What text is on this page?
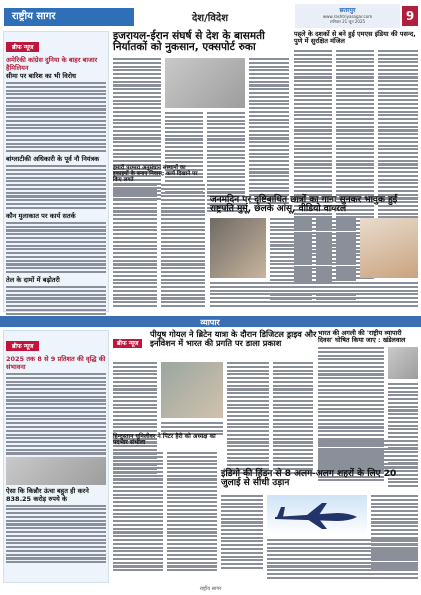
राष्ट्रीय सागर	देश/विदेश
छतरपुर
www.rashtriyasagar.com
शनिवार 21 जून 2025	9
ब्रीफ न्यूज
अमेरिकी कांग्रेस दुनिया के बाहर बाजार हैमिलियन
सीमा पर बारिश का भी विरोध
बांग्लाटीकी अधिकारी के पूर्व नौ नियंत्रक
कौन मुलाकात पर कार्य सतर्क
तेल के दामों में बढ़ोतरी
इजरायल-ईरान संघर्ष से देश के बासमती निर्यातकों को नुकसान, एक्सपोर्ट रुका
पहले के दशकों से बने हुई एमएस इंडिया की पसन्द, पुणे में सुरक्षित मंजिल
हमारी परम्परा अनुसंधान संस्थानों का इकाइयों के बनाए निवास; कार्य दिखाने पर किए लगते
जनमदिन पर दृष्टिबाधित छात्रों का गाना सुनकर भावुक हुईं राष्ट्रपति मुर्मू, छलके आंसू, वीडियो वायरल
व्यापार
ब्रीफ न्यूज
2025 तक 8 से 9 प्रतिशत की वृद्धि की संभावना
ऐसा कि किन्नौर ऊंचा बहुत ही करने 838.25 करोड़ रुपये के
ब्रीफ न्यूज
पीयूष गोयल ने ब्रिटेन यात्रा के दौरान डिजिटल ड्राइव और इनोवेशन में भारत की प्रगति पर डाला प्रकाश
हिन्दुस्तान यूनिलीवर ने पिटर हैरी को अध्यक्ष का पदभार संभाला
भारत की अगली की 'राष्ट्रीय व्यापारी दिवस' घोषित किया जाए : खंडेलवाल
इंडिगो की हिंडन से 8 अलग-अलग शहरों के लिए 20 जुलाई से सीधी उड़ान
राष्ट्रीय सागर
